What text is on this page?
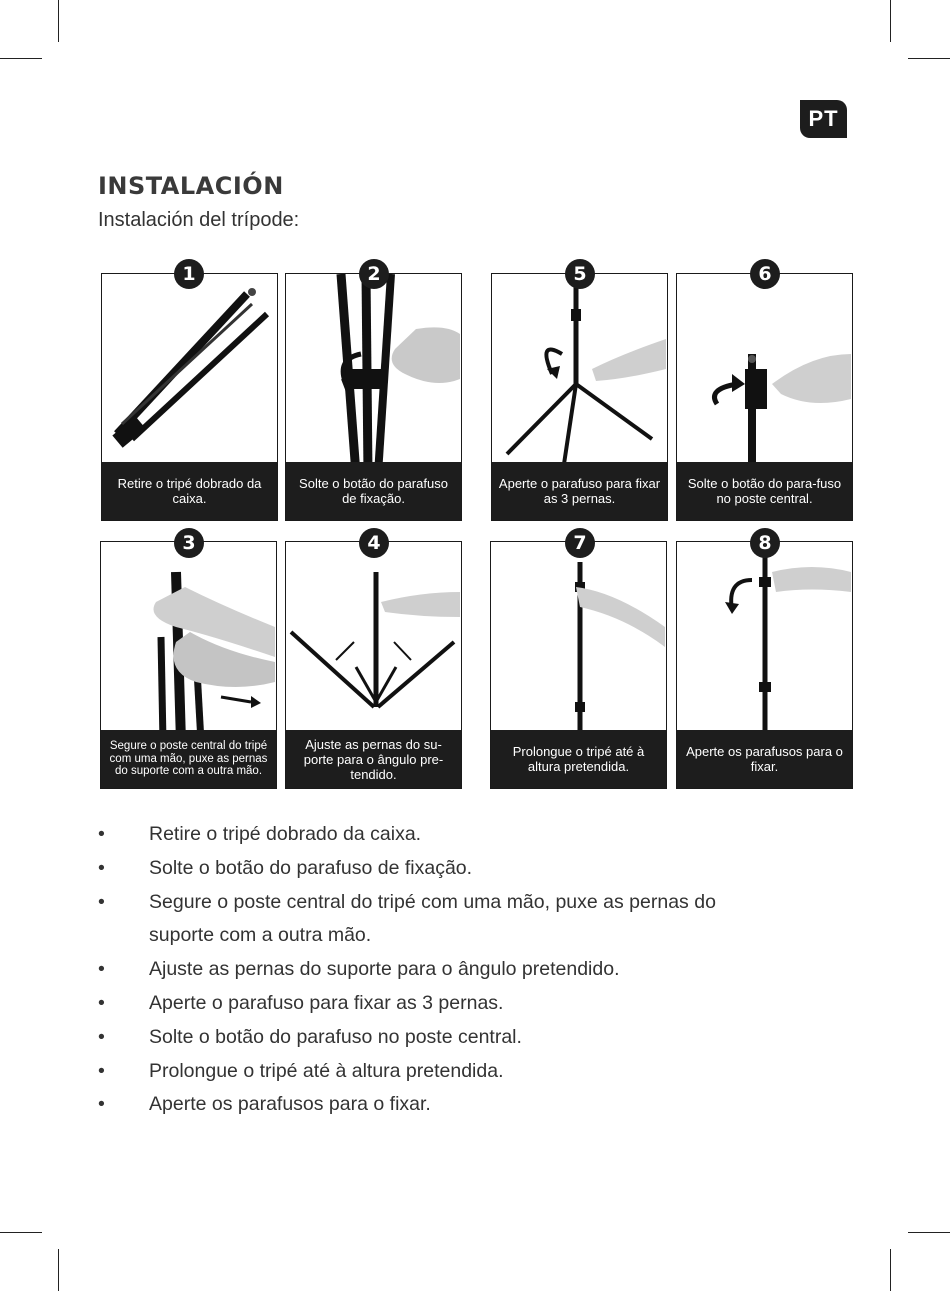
PT
INSTALACIÓN
Instalación del trípode:
Retire o tripé dobrado da caixa.
Solte o botão do parafuso de fixação.
Aperte o parafuso para fixar as 3 pernas.
Solte o botão do para-fuso no poste central.
Segure o poste central do tripé com uma mão, puxe as pernas do suporte com a outra mão.
Ajuste as pernas do su-porte para o ângulo pre-tendido.
Prolongue o tripé até à altura pretendida.
Aperte os parafusos para o fixar.
1	2	5	6
3	4	7	8
• Retire o tripé dobrado da caixa.
• Solte o botão do parafuso de fixação.
• Segure o poste central do tripé com uma mão, puxe as pernas do suporte com a outra mão.
• Ajuste as pernas do suporte para o ângulo pretendido.
• Aperte o parafuso para fixar as 3 pernas.
• Solte o botão do parafuso no poste central.
• Prolongue o tripé até à altura pretendida.
• Aperte os parafusos para o fixar.
